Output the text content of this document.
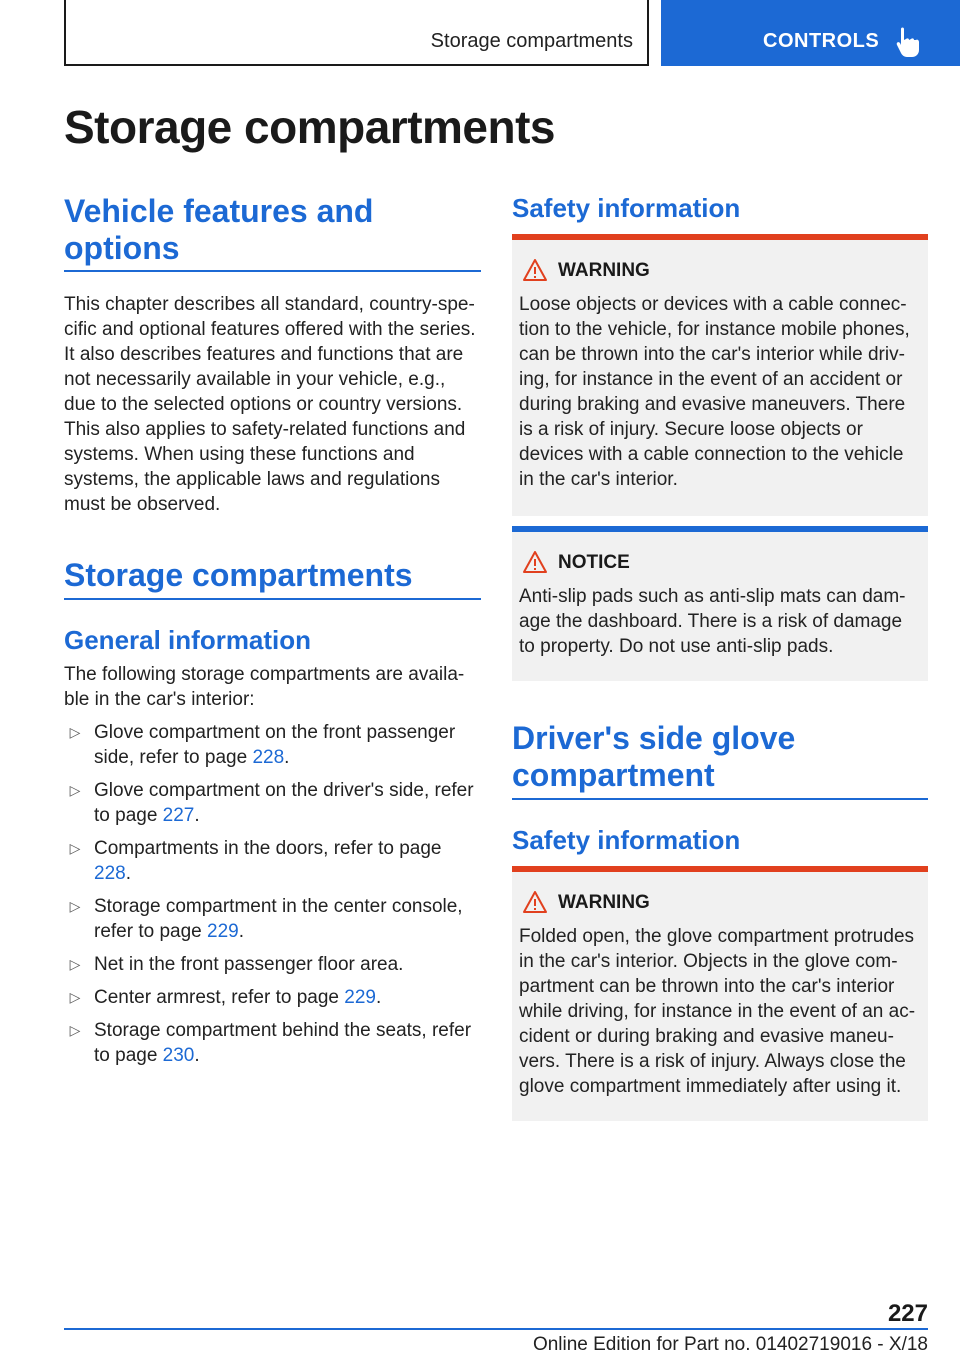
Storage compartments	CONTROLS
Storage compartments
Vehicle features and options
This chapter describes all standard, country-specific and optional features offered with the series. It also describes features and functions that are not necessarily available in your vehicle, e.g., due to the selected options or country versions. This also applies to safety-related functions and systems. When using these functions and systems, the applicable laws and regulations must be observed.
Storage compartments
General information
The following storage compartments are available in the car's interior:
▷ Glove compartment on the front passenger side, refer to page 228.
▷ Glove compartment on the driver's side, refer to page 227.
▷ Compartments in the doors, refer to page 228.
▷ Storage compartment in the center console, refer to page 229.
▷ Net in the front passenger floor area.
▷ Center armrest, refer to page 229.
▷ Storage compartment behind the seats, refer to page 230.
Safety information
WARNING
Loose objects or devices with a cable connection to the vehicle, for instance mobile phones, can be thrown into the car's interior while driving, for instance in the event of an accident or during braking and evasive maneuvers. There is a risk of injury. Secure loose objects or devices with a cable connection to the vehicle in the car's interior.
NOTICE
Anti-slip pads such as anti-slip mats can damage the dashboard. There is a risk of damage to property. Do not use anti-slip pads.
Driver's side glove compartment
Safety information
WARNING
Folded open, the glove compartment protrudes in the car's interior. Objects in the glove compartment can be thrown into the car's interior while driving, for instance in the event of an accident or during braking and evasive maneuvers. There is a risk of injury. Always close the glove compartment immediately after using it.
227
Online Edition for Part no. 01402719016 - X/18
